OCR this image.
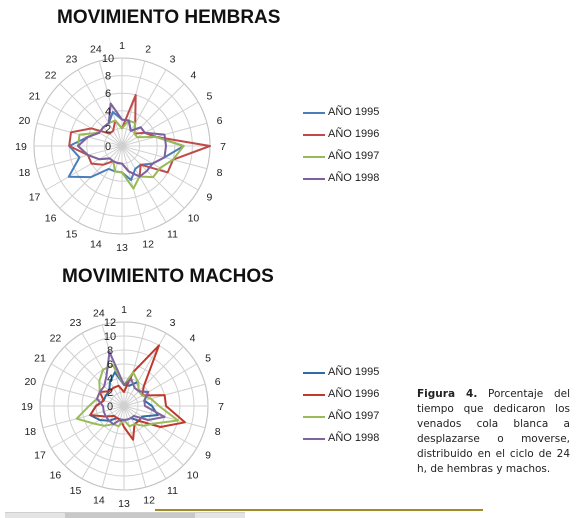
MOVIMIENTO HEMBRAS
MOVIMIENTO MACHOS
1 2
3
4
5
6
7
8
9
10
11
12
13
14
15
16
17
18
19
20
21
22
23
24
0
2
4
6
8
10
1 2
3
4
5
6
7
8
9
10
11
12
13
14
15
16
17
18
19
20
21
22
23
24
0
2
4
6
8
10
12
AÑO 1995
AÑO 1996
AÑO 1997
AÑO 1998
AÑO 1995
AÑO 1996
AÑO 1997
AÑO 1998
Figura 4. Porcentaje del tiempo que dedicaron los venados cola blanca a desplazarse o moverse, distribuido en el ciclo de 24 h, de hembras y machos.
